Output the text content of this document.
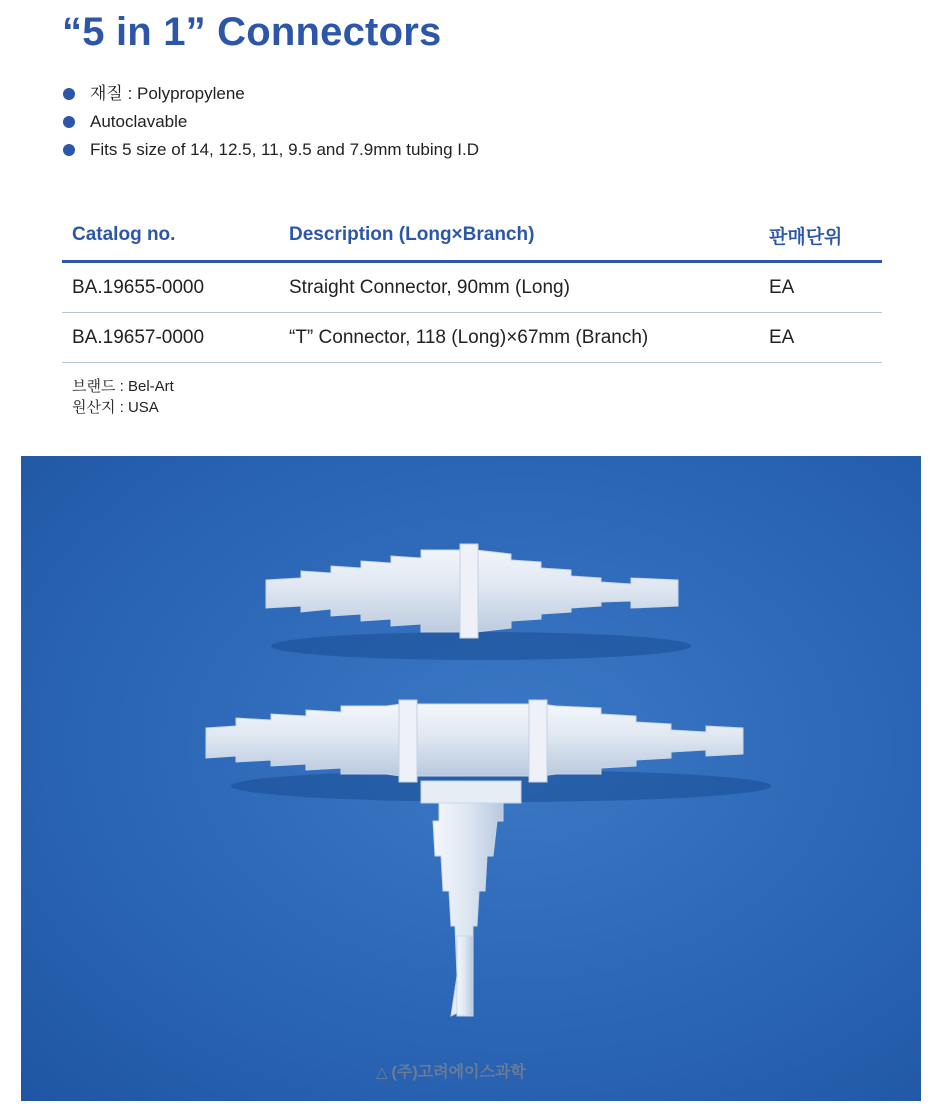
“5 in 1” Connectors
재질 : Polypropylene
Autoclavable
Fits 5 size of 14, 12.5, 11, 9.5 and 7.9mm tubing I.D
Catalog no.	Description (Long×Branch)	판매단위
BA.19655-0000	Straight Connector, 90mm (Long)	EA
BA.19657-0000	“T” Connector, 118 (Long)×67mm (Branch)	EA
브랜드 : Bel-Art
원산지 : USA
△ (주)고려에이스과학
